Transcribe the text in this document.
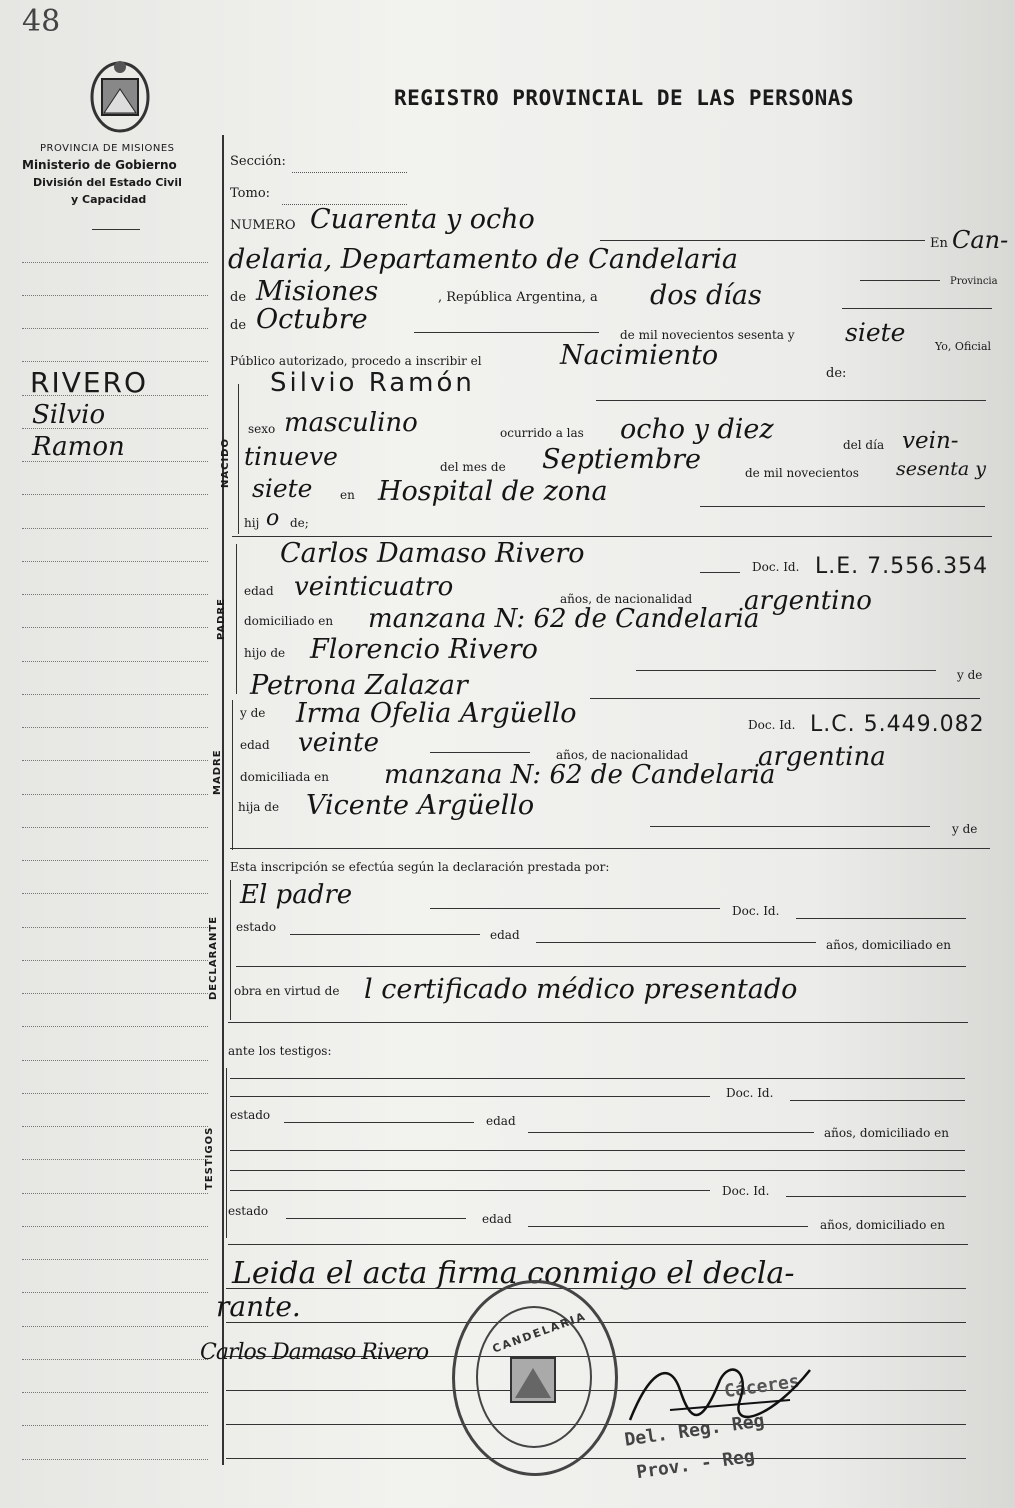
48
PROVINCIA DE MISIONES
Ministerio de Gobierno
División del Estado Civil
y Capacidad
REGISTRO PROVINCIAL DE LAS PERSONAS
RIVERO
Silvio
Ramon
Sección:
Tomo:
NUMERO Cuarenta y ocho
En Can-
delaria, Departamento de Candelaria
Provincia
de Misiones	, República Argentina, a dos días
de Octubre	de mil novecientos sesenta y siete	Yo, Oficial
Público autorizado, procedo a inscribir el	Nacimiento
de:
NACIDO
Silvio Ramón
sexo masculino	ocurrido a las ocho y diez	del día vein-
tinueve	del mes de Septiembre	de mil novecientos sesenta y
siete en Hospital de zona
hij o de;
PADRE
Carlos Damaso Rivero	Doc. Id. L.E. 7.556.354
edad veinticuatro	años, de nacionalidad argentino
domiciliado en manzana N: 62 de Candelaria
hijo de Florencio Rivero
y de
Petrona Zalazar
MADRE
y de Irma Ofelia Argüello	Doc. Id. L.C. 5.449.082
edad veinte	años, de nacionalidad	argentina
domiciliada en manzana N: 62 de Candelaria
hija de Vicente Argüello
y de
Esta inscripción se efectúa según la declaración prestada por:
DECLARANTE
El padre
Doc. Id.
estado
edad
años, domiciliado en
obra en virtud de l certificado médico presentado
ante los testigos:
TESTIGOS
Doc. Id.
estado	edad
años, domiciliado en
Doc. Id.
estado
edad	años, domiciliado en
Leida el acta firma conmigo el decla-
rante.
Carlos Damaso Rivero	CANDELARIA
Cáceres
Del. Reg. Reg
Prov. - Reg
